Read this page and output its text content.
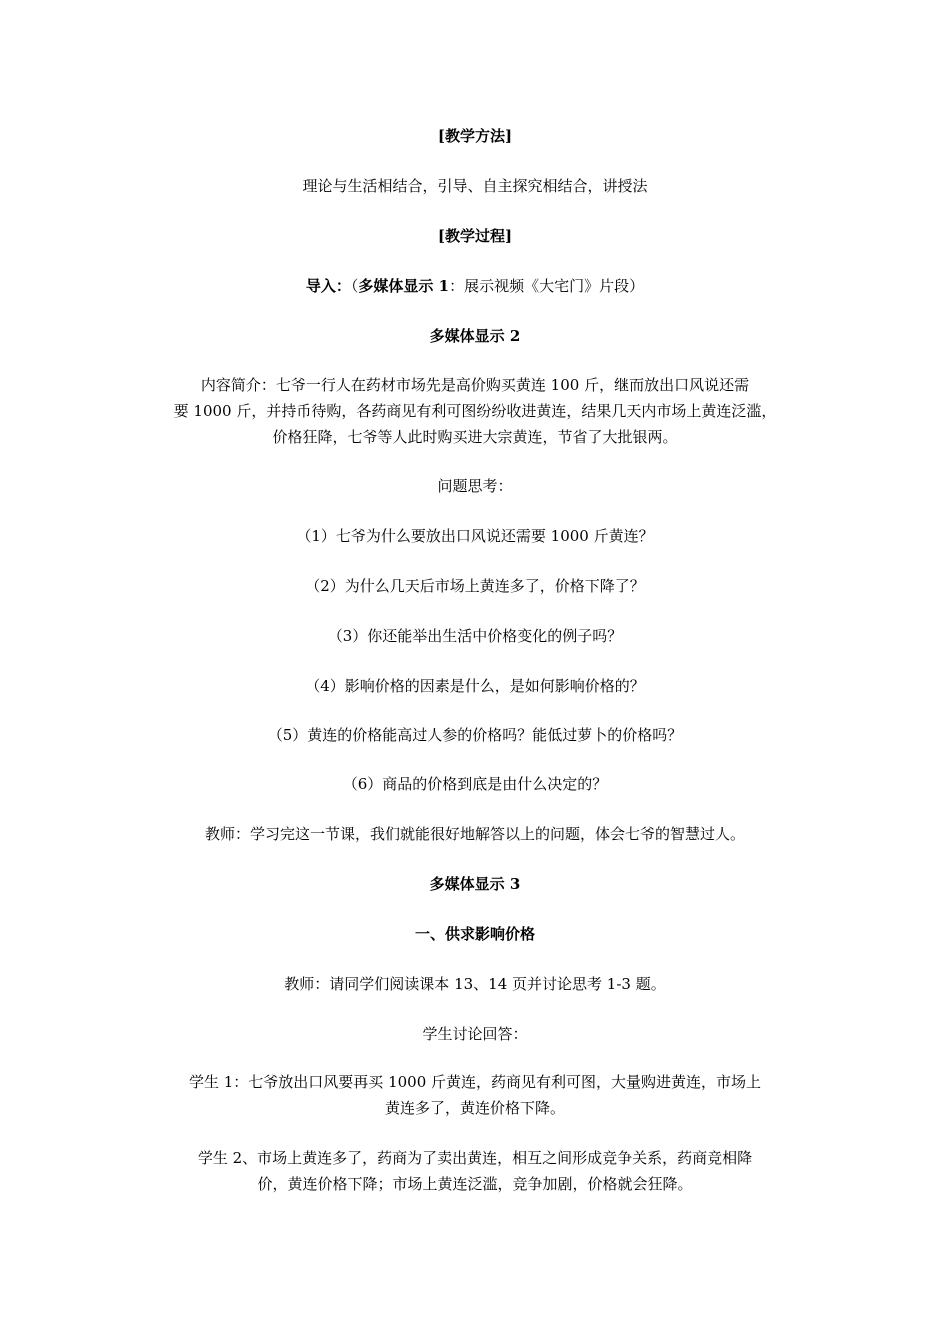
[教学方法]
理论与生活相结合，引导、自主探究相结合，讲授法
[教学过程]
导入：（多媒体显示 1：展示视频《大宅门》片段）
多媒体显示 2
内容简介：七爷一行人在药材市场先是高价购买黄连 100 斤，继而放出口风说还需
要 1000 斤，并持币待购，各药商见有利可图纷纷收进黄连，结果几天内市场上黄连泛滥，
价格狂降，七爷等人此时购买进大宗黄连，节省了大批银两。
问题思考：
（1）七爷为什么要放出口风说还需要 1000 斤黄连？
（2）为什么几天后市场上黄连多了，价格下降了？
（3）你还能举出生活中价格变化的例子吗？
（4）影响价格的因素是什么，是如何影响价格的？
（5）黄连的价格能高过人参的价格吗？能低过萝卜的价格吗？
（6）商品的价格到底是由什么决定的？
教师：学习完这一节课，我们就能很好地解答以上的问题，体会七爷的智慧过人。
多媒体显示 3
一、供求影响价格
教师：请同学们阅读课本 13、14 页并讨论思考 1-3 题。
学生讨论回答：
学生 1：七爷放出口风要再买 1000 斤黄连，药商见有利可图，大量购进黄连，市场上
黄连多了，黄连价格下降。
学生 2、市场上黄连多了，药商为了卖出黄连，相互之间形成竞争关系，药商竞相降
价，黄连价格下降；市场上黄连泛滥，竞争加剧，价格就会狂降。
